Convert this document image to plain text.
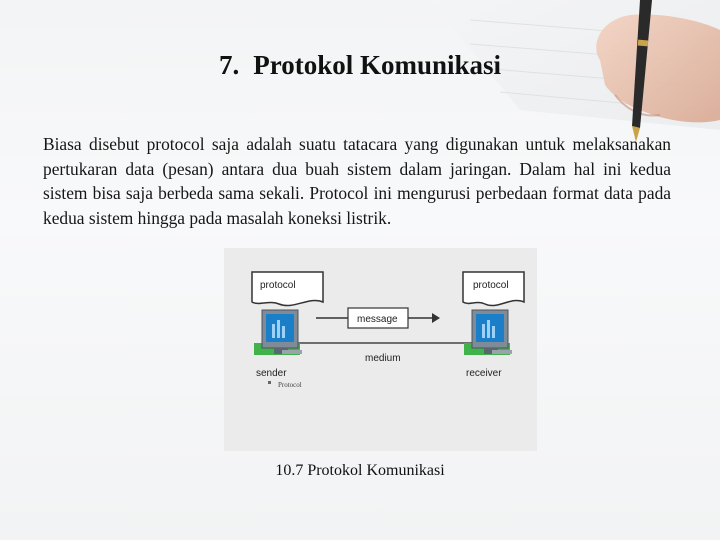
7. Protokol Komunikasi
Biasa disebut protocol saja adalah suatu tatacara yang digunakan untuk melaksanakan pertukaran data (pesan) antara dua buah sistem dalam jaringan. Dalam hal ini kedua sistem bisa saja berbeda sama sekali. Protocol ini mengurusi perbedaan format data pada kedua sistem hingga pada masalah koneksi listrik.
protocol	protocol
message
medium
sender	receiver
Protocol
10.7 Protokol Komunikasi
